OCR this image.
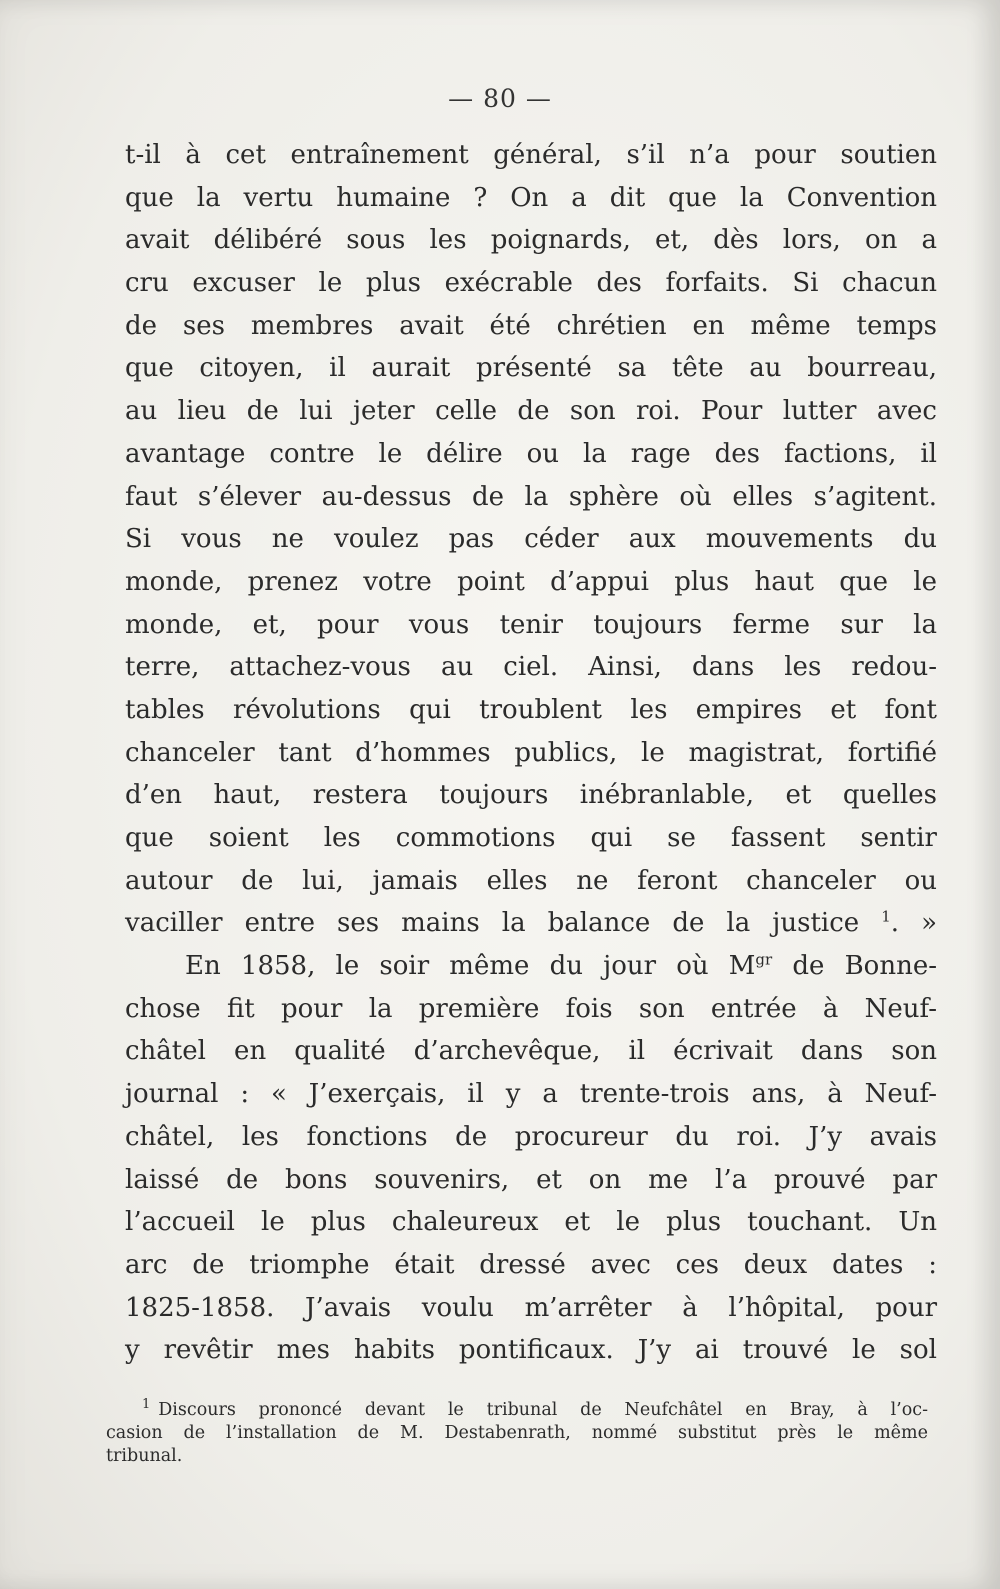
— 80 —
t-il à cet entraînement général, s’il n’a pour soutien
que la vertu humaine ? On a dit que la Convention
avait délibéré sous les poignards, et, dès lors, on a
cru excuser le plus exécrable des forfaits. Si chacun
de ses membres avait été chrétien en même temps
que citoyen, il aurait présenté sa tête au bourreau,
au lieu de lui jeter celle de son roi. Pour lutter avec
avantage contre le délire ou la rage des factions, il
faut s’élever au-dessus de la sphère où elles s’agitent.
Si vous ne voulez pas céder aux mouvements du
monde, prenez votre point d’appui plus haut que le
monde, et, pour vous tenir toujours ferme sur la
terre, attachez-vous au ciel. Ainsi, dans les redou-
tables révolutions qui troublent les empires et font
chanceler tant d’hommes publics, le magistrat, fortifié
d’en haut, restera toujours inébranlable, et quelles
que soient les commotions qui se fassent sentir
autour de lui, jamais elles ne feront chanceler ou
vaciller entre ses mains la balance de la justice $^1$. »
En 1858, le soir même du jour où M$^{gr}$ de Bonne-
chose fit pour la première fois son entrée à Neuf-
châtel en qualité d’archevêque, il écrivait dans son
journal : « J’exerçais, il y a trente-trois ans, à Neuf-
châtel, les fonctions de procureur du roi. J’y avais
laissé de bons souvenirs, et on me l’a prouvé par
l’accueil le plus chaleureux et le plus touchant. Un
arc de triomphe était dressé avec ces deux dates :
1825-1858. J’avais voulu m’arrêter à l’hôpital, pour
y revêtir mes habits pontificaux. J’y ai trouvé le sol
$^1$ Discours prononcé devant le tribunal de Neufchâtel en Bray, à l’oc-
casion de l’installation de M. Destabenrath, nommé substitut près le même
tribunal.
